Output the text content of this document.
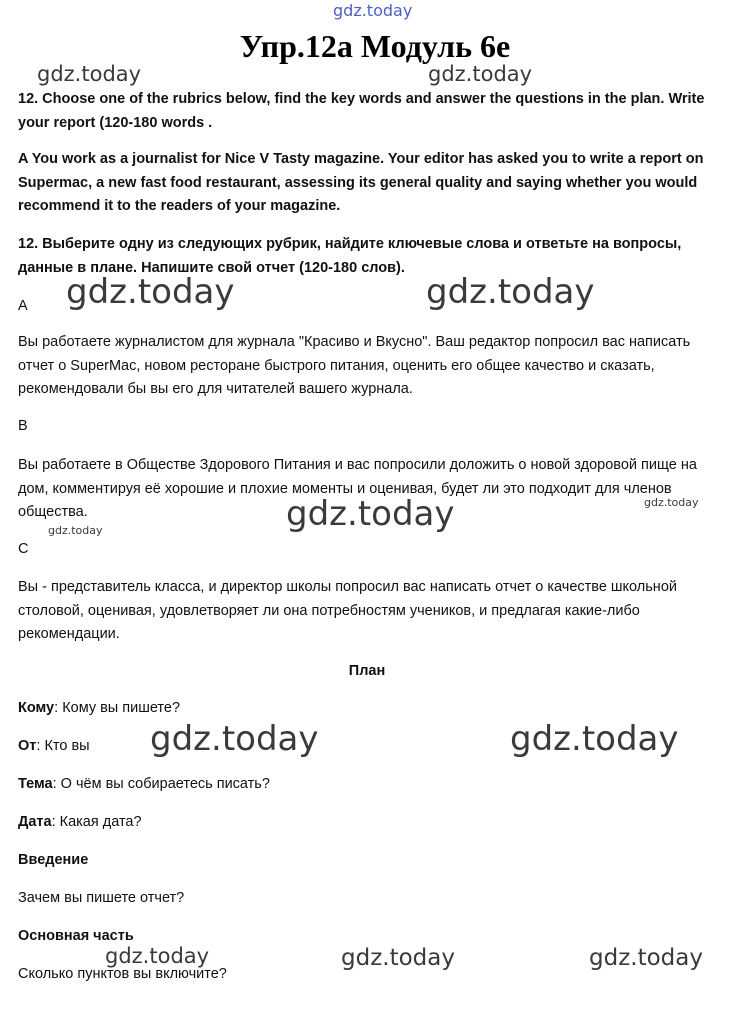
gdz.today
Упр.12а Модуль 6е
gdz.today	gdz.today

12. Choose one of the rubrics below, find the key words and answer the questions in the plan. Write your report (120-180 words .

A You work as a journalist for Nice V Tasty magazine. Your editor has asked you to write a report on Supermac, a new fast food restaurant, assessing its general quality and saying whether you would recommend it to the readers of your magazine.

12. Выберите одну из следующих рубрик, найдите ключевые слова и ответьте на вопросы, данные в плане. Напишите свой отчет (120-180 слов).

gdz.today	gdz.today

A

Вы работаете журналистом для журнала "Красиво и Вкусно". Ваш редактор попросил вас написать отчет о SuperMac, новом ресторане быстрого питания, оценить его общее качество и сказать, рекомендовали бы вы его для читателей вашего журнала.

B

Вы работаете в Обществе Здорового Питания и вас попросили доложить о новой здоровой пище на дом, комментируя её хорошие и плохие моменты и оценивая, будет ли это подходит для членов общества.

gdz.today
gdz.today
gdz.today

C

Вы - представитель класса, и директор школы попросил вас написать отчет о качестве школьной столовой, оценивая, удовлетворяет ли она потребностям учеников, и предлагая какие-либо рекомендации.

План

Кому: Кому вы пишете?

От: Кто вы	gdz.today	gdz.today

Тема: О чём вы собираетесь писать?

Дата: Какая дата?

Введение

Зачем вы пишете отчет?

Основная часть

gdz.today	gdz.today	gdz.today

Сколько пунктов вы включите?
